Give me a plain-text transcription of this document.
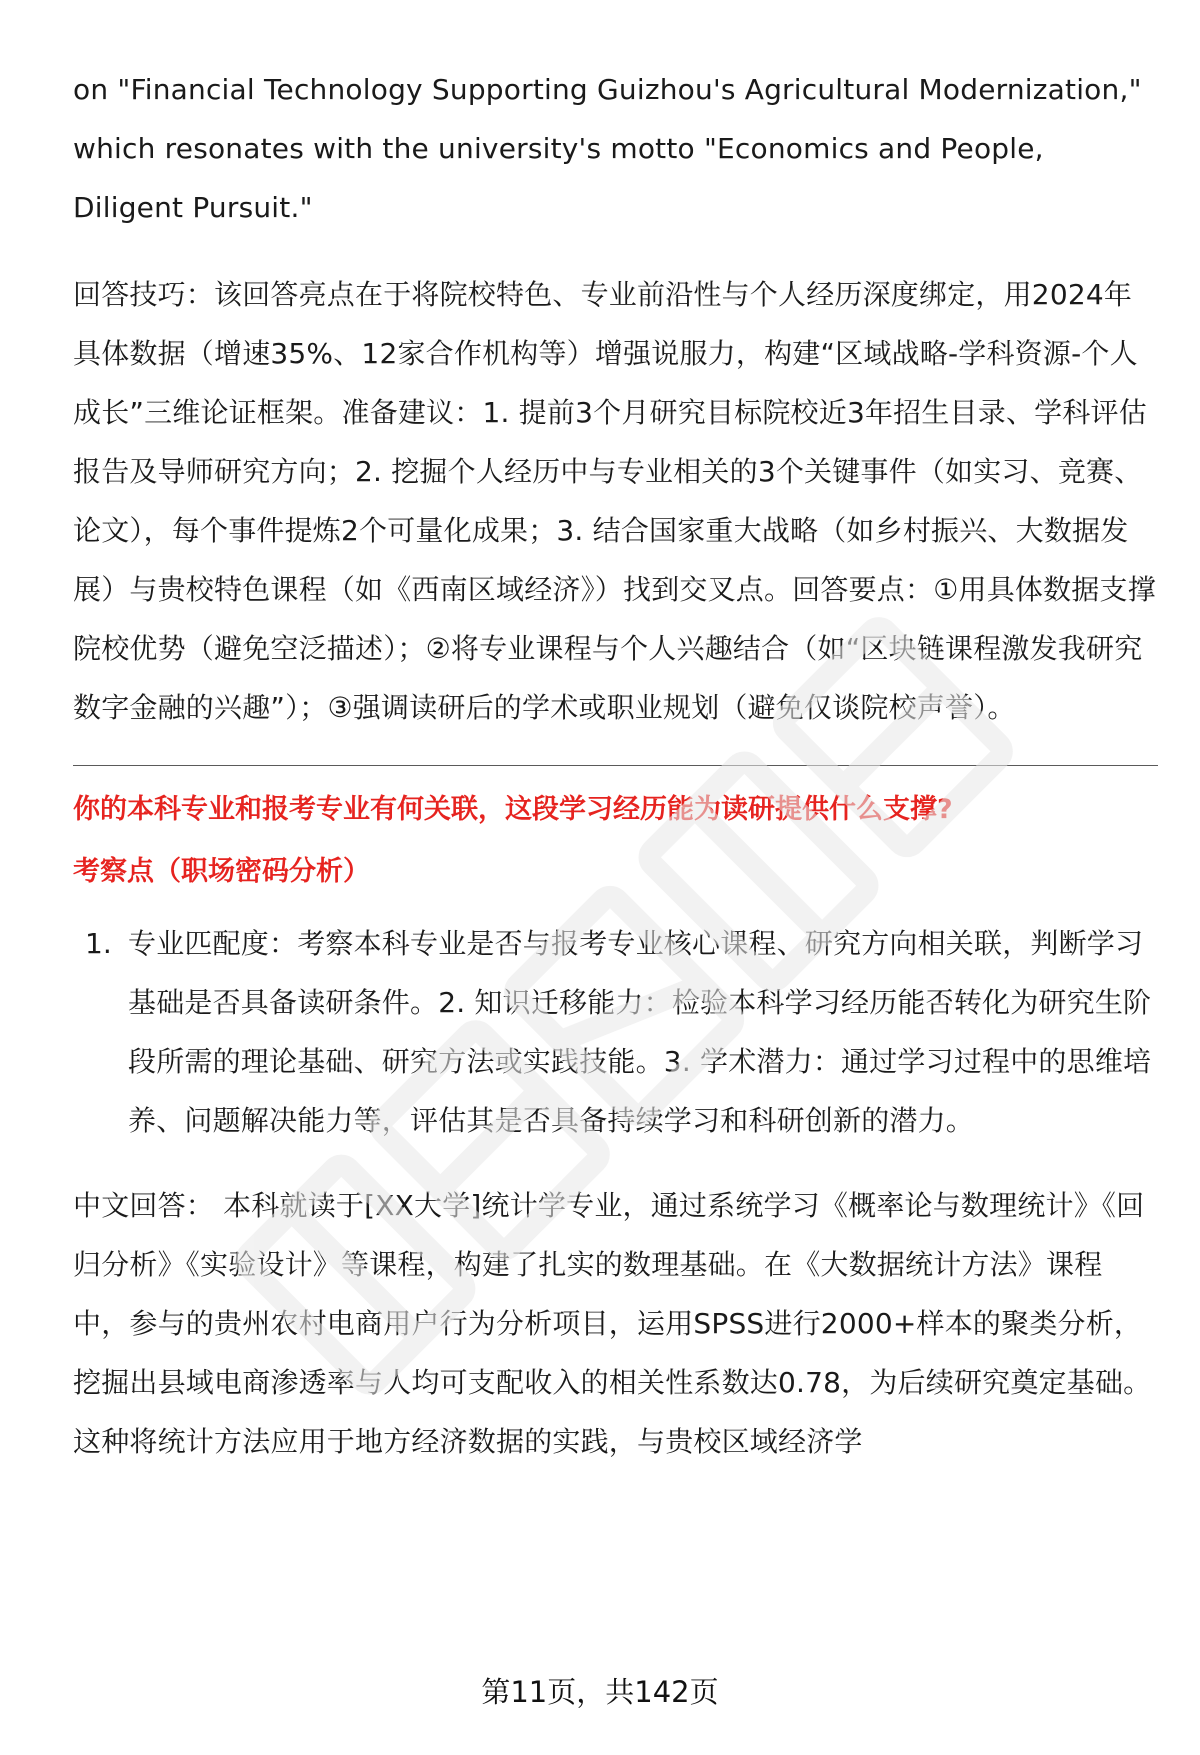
on "Financial Technology Supporting Guizhou's Agricultural Modernization," which resonates with the university's motto "Economics and People, Diligent Pursuit."

回答技巧：该回答亮点在于将院校特色、专业前沿性与个人经历深度绑定，用2024年具体数据（增速35%、12家合作机构等）增强说服力，构建“区域战略-学科资源-个人成长”三维论证框架。准备建议：1. 提前3个月研究目标院校近3年招生目录、学科评估报告及导师研究方向；2. 挖掘个人经历中与专业相关的3个关键事件（如实习、竞赛、论文），每个事件提炼2个可量化成果；3. 结合国家重大战略（如乡村振兴、大数据发展）与贵校特色课程（如《西南区域经济》）找到交叉点。回答要点：①用具体数据支撑院校优势（避免空泛描述）；②将专业课程与个人兴趣结合（如“区块链课程激发我研究数字金融的兴趣”）；③强调读研后的学术或职业规划（避免仅谈院校声誉）。

你的本科专业和报考专业有何关联，这段学习经历能为读研提供什么支撑?

考察点（职场密码分析）

1. 专业匹配度：考察本科专业是否与报考专业核心课程、研究方向相关联，判断学习基础是否具备读研条件。2. 知识迁移能力：检验本科学习经历能否转化为研究生阶段所需的理论基础、研究方法或实践技能。3. 学术潜力：通过学习过程中的思维培养、问题解决能力等，评估其是否具备持续学习和科研创新的潜力。

中文回答： 本科就读于[XX大学]统计学专业，通过系统学习《概率论与数理统计》《回归分析》《实验设计》等课程，构建了扎实的数理基础。在《大数据统计方法》课程中，参与的贵州农村电商用户行为分析项目，运用SPSS进行2000+样本的聚类分析，挖掘出县域电商渗透率与人均可支配收入的相关性系数达0.78，为后续研究奠定基础。这种将统计方法应用于地方经济数据的实践，与贵校区域经济学

第11页，共142页
